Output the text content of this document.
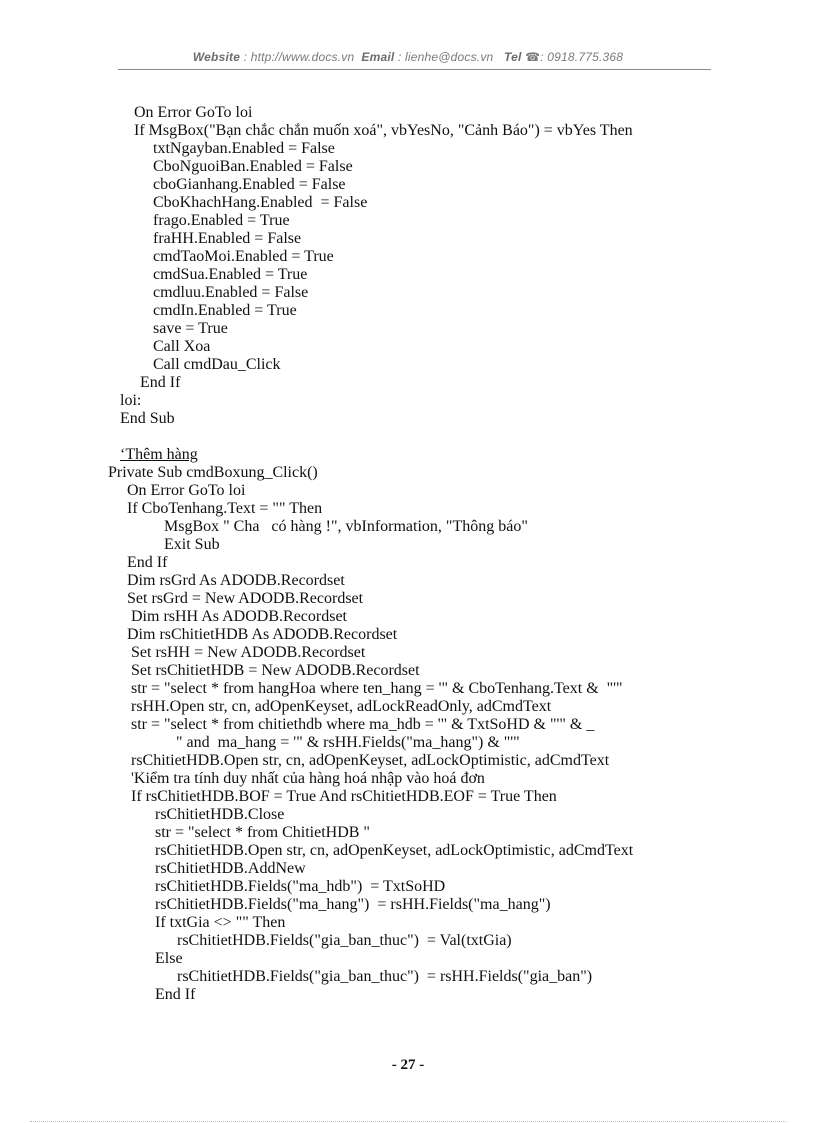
Website : http://www.docs.vn Email : lienhe@docs.vn Tel ☎: 0918.775.368
On Error GoTo loi
If MsgBox("Bạn chắc chắn muốn xoá", vbYesNo, "Cảnh Báo") = vbYes Then
txtNgayban.Enabled = False
CboNguoiBan.Enabled = False
cboGianhang.Enabled = False
CboKhachHang.Enabled  = False
frago.Enabled = True
fraHH.Enabled = False
cmdTaoMoi.Enabled = True
cmdSua.Enabled = True
cmdluu.Enabled = False
cmdIn.Enabled = True
save = True
Call Xoa
Call cmdDau_Click
End If
loi:
End Sub
‘Thêm hàng
Private Sub cmdBoxung_Click()
On Error GoTo loi
If CboTenhang.Text = "" Then
MsgBox " Cha   có hàng !", vbInformation, "Thông báo"
Exit Sub
End If
Dim rsGrd As ADODB.Recordset
Set rsGrd = New ADODB.Recordset
Dim rsHH As ADODB.Recordset
Dim rsChitietHDB As ADODB.Recordset
Set rsHH = New ADODB.Recordset
Set rsChitietHDB = New ADODB.Recordset
str = "select * from hangHoa where ten_hang = '" & CboTenhang.Text &  "'"
rsHH.Open str, cn, adOpenKeyset, adLockReadOnly, adCmdText
str = "select * from chitiethdb where ma_hdb = '" & TxtSoHD & "'" & _
" and  ma_hang = '" & rsHH.Fields("ma_hang") & "'"
rsChitietHDB.Open str, cn, adOpenKeyset, adLockOptimistic, adCmdText
'Kiểm tra tính duy nhất của hàng hoá nhập vào hoá đơn
If rsChitietHDB.BOF = True And rsChitietHDB.EOF = True Then
rsChitietHDB.Close
str = "select * from ChitietHDB "
rsChitietHDB.Open str, cn, adOpenKeyset, adLockOptimistic, adCmdText
rsChitietHDB.AddNew
rsChitietHDB.Fields("ma_hdb")  = TxtSoHD
rsChitietHDB.Fields("ma_hang")  = rsHH.Fields("ma_hang")
If txtGia <> "" Then
rsChitietHDB.Fields("gia_ban_thuc")  = Val(txtGia)
Else
rsChitietHDB.Fields("gia_ban_thuc")  = rsHH.Fields("gia_ban")
End If
- 27 -
